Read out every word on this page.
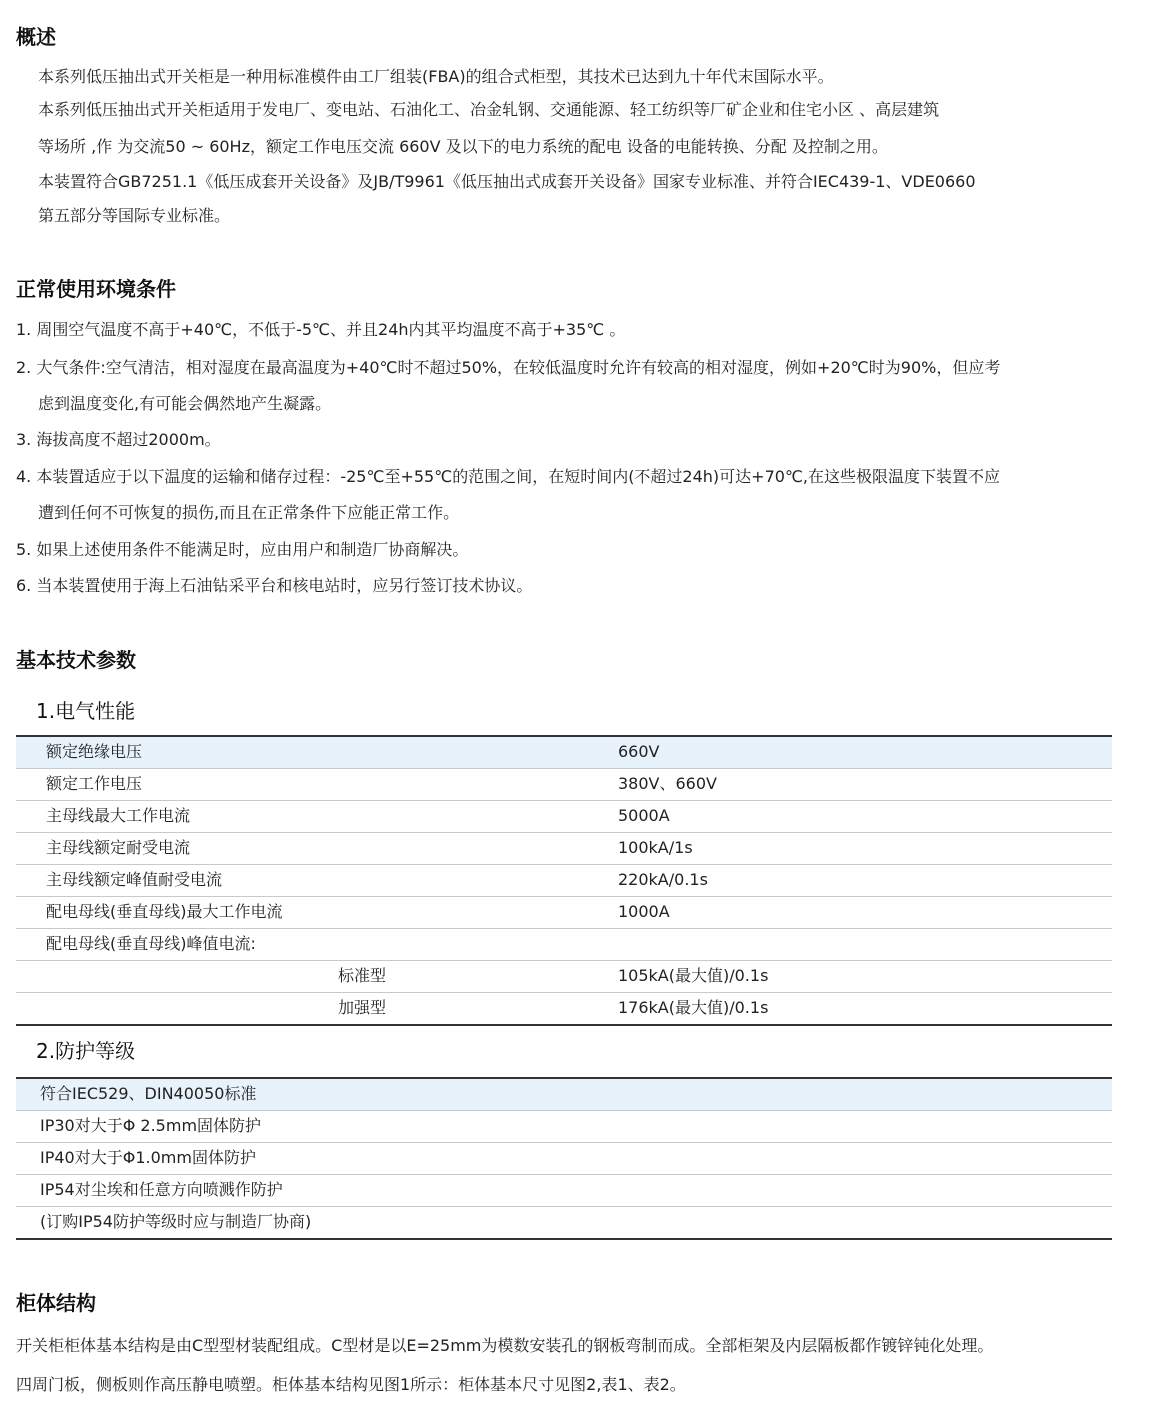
概述
本系列低压抽出式开关柜是一种用标准模件由工厂组装(FBA)的组合式柜型，其技术已达到九十年代末国际水平。
本系列低压抽出式开关柜适用于发电厂、变电站、石油化工、冶金轧钢、交通能源、轻工纺织等厂矿企业和住宅小区 、高层建筑
等场所 ,作 为交流50 ~ 60Hz，额定工作电压交流 660V 及以下的电力系统的配电 设备的电能转换、分配 及控制之用。
本装置符合GB7251.1《低压成套开关设备》及JB/T9961《低压抽出式成套开关设备》国家专业标准、并符合IEC439-1、VDE0660
第五部分等国际专业标准。
正常使用环境条件
1. 周围空气温度不高于+40℃，不低于-5℃、并且24h内其平均温度不高于+35℃ 。
2. 大气条件:空气清洁，相对湿度在最高温度为+40℃时不超过50%，在较低温度时允许有较高的相对湿度，例如+20℃时为90%，但应考
虑到温度变化,有可能会偶然地产生凝露。
3. 海拔高度不超过2000m。
4. 本装置适应于以下温度的运输和储存过程：-25℃至+55℃的范围之间，在短时间内(不超过24h)可达+70℃,在这些极限温度下装置不应
遭到任何不可恢复的损伤,而且在正常条件下应能正常工作。
5. 如果上述使用条件不能满足时，应由用户和制造厂协商解决。
6. 当本装置使用于海上石油钻采平台和核电站时，应另行签订技术协议。
基本技术参数
1.电气性能
额定绝缘电压	660V
额定工作电压	380V、660V
主母线最大工作电流	5000A
主母线额定耐受电流	100kA/1s
主母线额定峰值耐受电流	220kA/0.1s
配电母线(垂直母线)最大工作电流	1000A
配电母线(垂直母线)峰值电流:
标准型	105kA(最大值)/0.1s
加强型	176kA(最大值)/0.1s
2.防护等级
符合IEC529、DIN40050标准
IP30对大于Φ 2.5mm固体防护
IP40对大于Φ1.0mm固体防护
IP54对尘埃和任意方向喷溅作防护
(订购IP54防护等级时应与制造厂协商)
柜体结构
开关柜柜体基本结构是由C型型材装配组成。C型材是以E=25mm为模数安装孔的钢板弯制而成。全部柜架及内层隔板都作镀锌钝化处理。
四周门板，侧板则作高压静电喷塑。柜体基本结构见图1所示：柜体基本尺寸见图2,表1、表2。
